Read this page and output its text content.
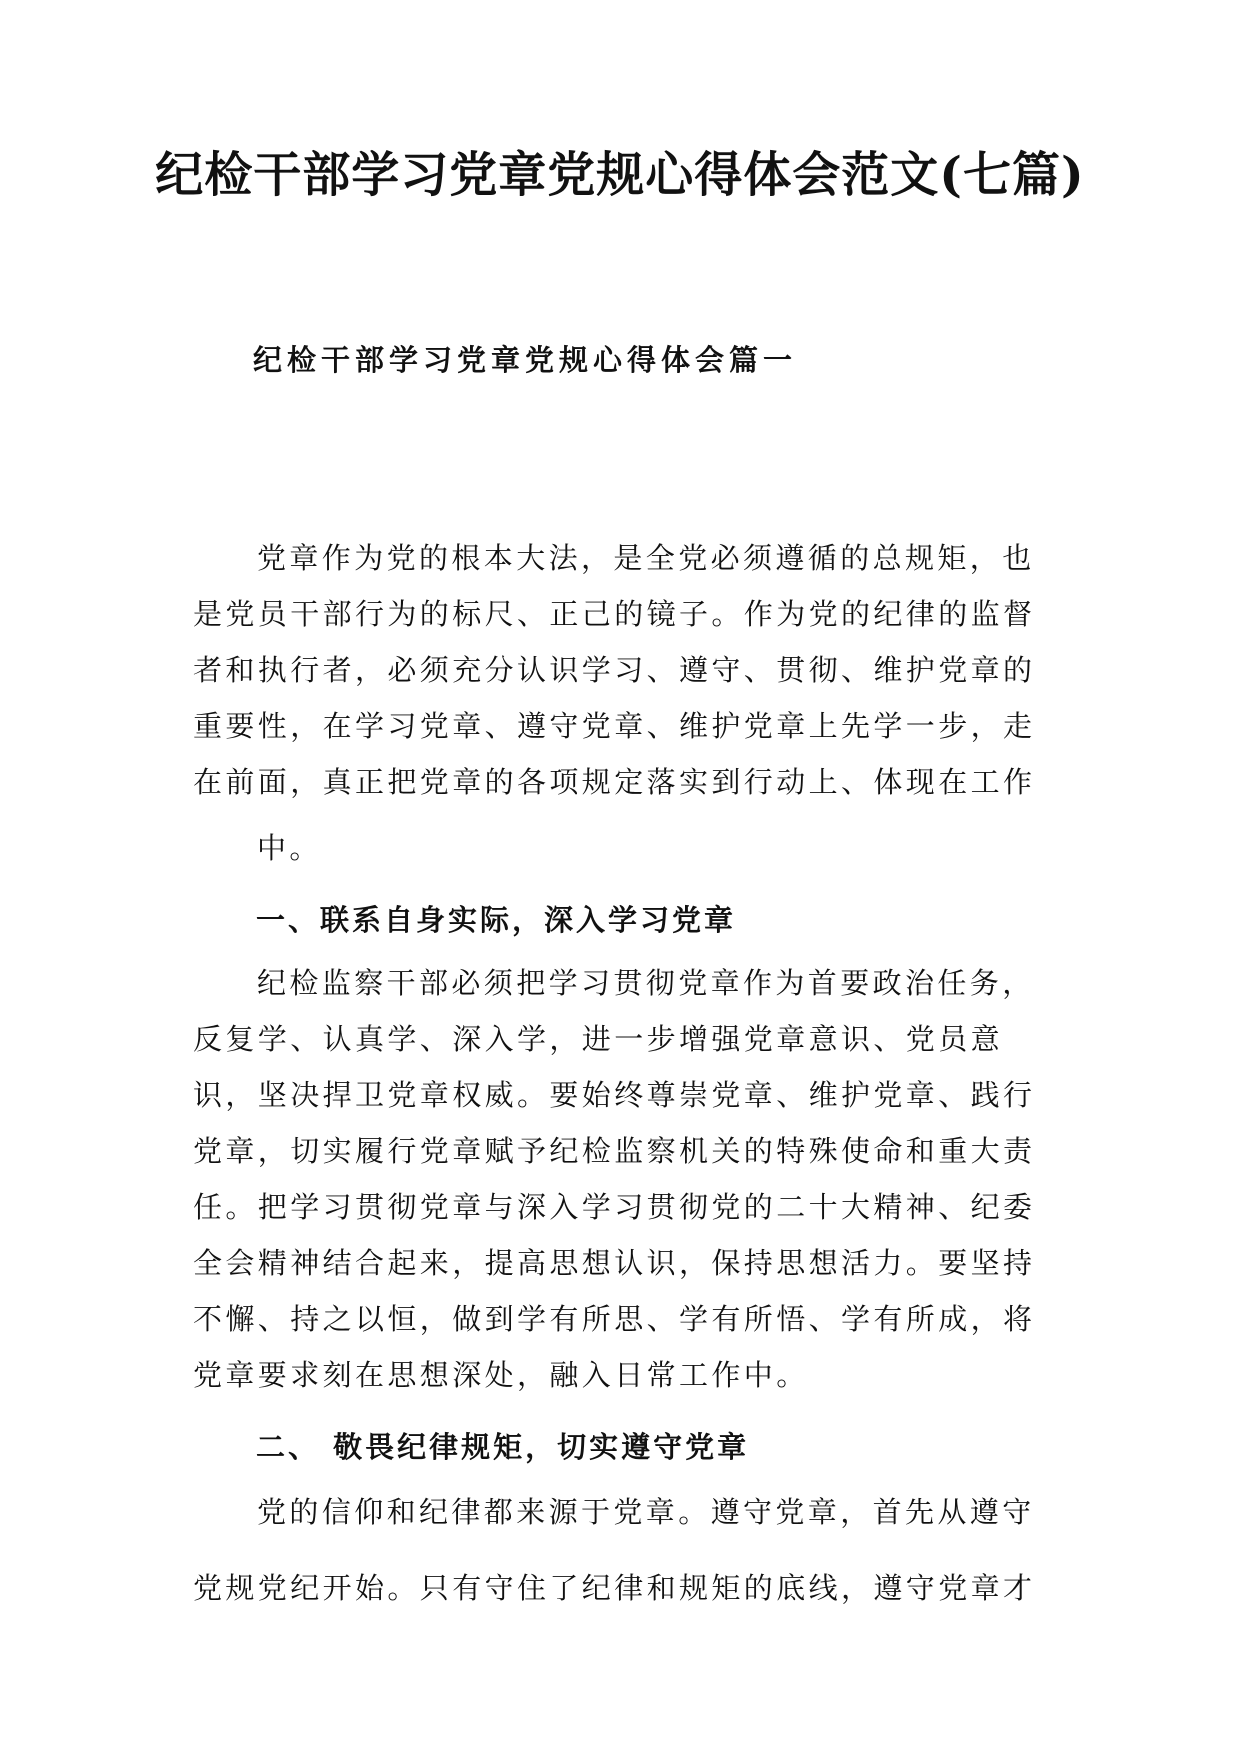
纪检干部学习党章党规心得体会范文(七篇)
纪检干部学习党章党规心得体会篇一

党章作为党的根本大法，是全党必须遵循的总规矩，也是党员干部行为的标尺、正己的镜子。作为党的纪律的监督者和执行者，必须充分认识学习、遵守、贯彻、维护党章的重要性，在学习党章、遵守党章、维护党章上先学一步，走在前面，真正把党章的各项规定落实到行动上、体现在工作
中。

一、联系自身实际，深入学习党章

纪检监察干部必须把学习贯彻党章作为首要政治任务，反复学、认真学、深入学，进一步增强党章意识、党员意识，坚决捍卫党章权威。要始终尊崇党章、维护党章、践行党章，切实履行党章赋予纪检监察机关的特殊使命和重大责任。把学习贯彻党章与深入学习贯彻党的二十大精神、纪委全会精神结合起来，提高思想认识，保持思想活力。要坚持不懈、持之以恒，做到学有所思、学有所悟、学有所成，将党章要求刻在思想深处，融入日常工作中。

二、 敬畏纪律规矩，切实遵守党章

党的信仰和纪律都来源于党章。遵守党章，首先从遵守
党规党纪开始。只有守住了纪律和规矩的底线，遵守党章才
